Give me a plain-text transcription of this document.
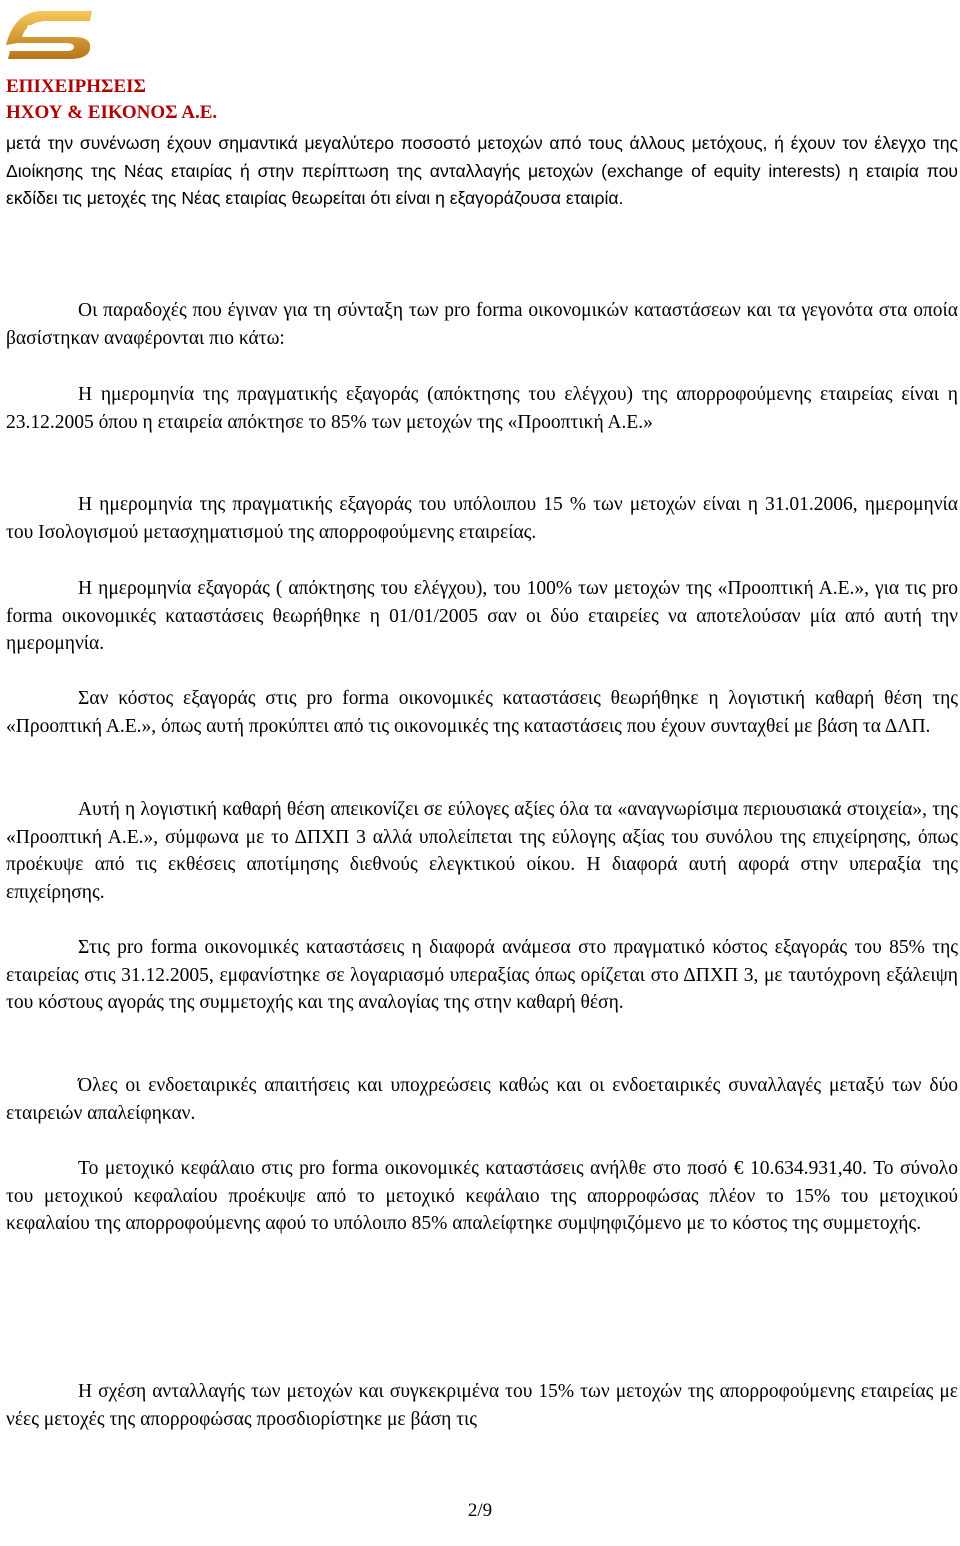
ΕΠΙΧΕΙΡΗΣΕΙΣ
ΗΧΟΥ & ΕΙΚΟΝΟΣ Α.Ε.
μετά την συνένωση έχουν σημαντικά μεγαλύτερο ποσοστό μετοχών από τους άλλους μετόχους, ή έχουν τον έλεγχο της Διοίκησης της Νέας εταιρίας ή στην περίπτωση της ανταλλαγής μετοχών (exchange of equity interests) η εταιρία που εκδίδει τις μετοχές της Νέας εταιρίας θεωρείται ότι είναι η εξαγοράζουσα εταιρία.
Οι παραδοχές που έγιναν για τη σύνταξη των pro forma οικονομικών καταστάσεων και τα γεγονότα στα οποία βασίστηκαν αναφέρονται πιο κάτω:
Η ημερομηνία της πραγματικής εξαγοράς (απόκτησης του ελέγχου) της απορροφούμενης εταιρείας είναι η 23.12.2005 όπου η εταιρεία απόκτησε το 85% των μετοχών της «Προοπτική Α.Ε.»
Η ημερομηνία της πραγματικής εξαγοράς του υπόλοιπου 15 % των μετοχών είναι η 31.01.2006, ημερομηνία του Ισολογισμού μετασχηματισμού της απορροφούμενης εταιρείας.
Η ημερομηνία εξαγοράς ( απόκτησης του ελέγχου), του 100% των μετοχών της «Προοπτική Α.Ε.», για τις pro forma οικονομικές καταστάσεις θεωρήθηκε η 01/01/2005 σαν οι δύο εταιρείες να αποτελούσαν μία από αυτή την ημερομηνία.
Σαν κόστος εξαγοράς στις pro forma οικονομικές καταστάσεις θεωρήθηκε η λογιστική καθαρή θέση της «Προοπτική Α.Ε.», όπως αυτή προκύπτει από τις οικονομικές της καταστάσεις που έχουν συνταχθεί με βάση τα ΔΛΠ.
Αυτή η λογιστική καθαρή θέση απεικονίζει σε εύλογες αξίες όλα τα «αναγνωρίσιμα περιουσιακά στοιχεία», της «Προοπτική Α.Ε.», σύμφωνα με το ΔΠΧΠ 3 αλλά υπολείπεται της εύλογης αξίας του συνόλου της επιχείρησης, όπως προέκυψε από τις εκθέσεις αποτίμησης διεθνούς ελεγκτικού οίκου. Η διαφορά αυτή αφορά στην υπεραξία της επιχείρησης.
Στις pro forma οικονομικές καταστάσεις η διαφορά ανάμεσα στο πραγματικό κόστος εξαγοράς του 85% της εταιρείας στις 31.12.2005, εμφανίστηκε σε λογαριασμό υπεραξίας όπως ορίζεται στο ΔΠΧΠ 3, με ταυτόχρονη εξάλειψη του κόστους αγοράς της συμμετοχής και της αναλογίας της στην καθαρή θέση.
Όλες οι ενδοεταιρικές απαιτήσεις και υποχρεώσεις καθώς και οι ενδοεταιρικές συναλλαγές μεταξύ των δύο εταιρειών απαλείφηκαν.
Το μετοχικό κεφάλαιο στις pro forma οικονομικές καταστάσεις ανήλθε στο ποσό € 10.634.931,40. Το σύνολο του μετοχικού κεφαλαίου προέκυψε από το μετοχικό κεφάλαιο της απορροφώσας πλέον το 15% του μετοχικού κεφαλαίου της απορροφούμενης αφού το υπόλοιπο 85% απαλείφτηκε συμψηφιζόμενο με το κόστος της συμμετοχής.
Η σχέση ανταλλαγής των μετοχών και συγκεκριμένα του 15% των μετοχών της απορροφούμενης εταιρείας με νέες μετοχές της απορροφώσας προσδιορίστηκε με βάση τις
2/9
